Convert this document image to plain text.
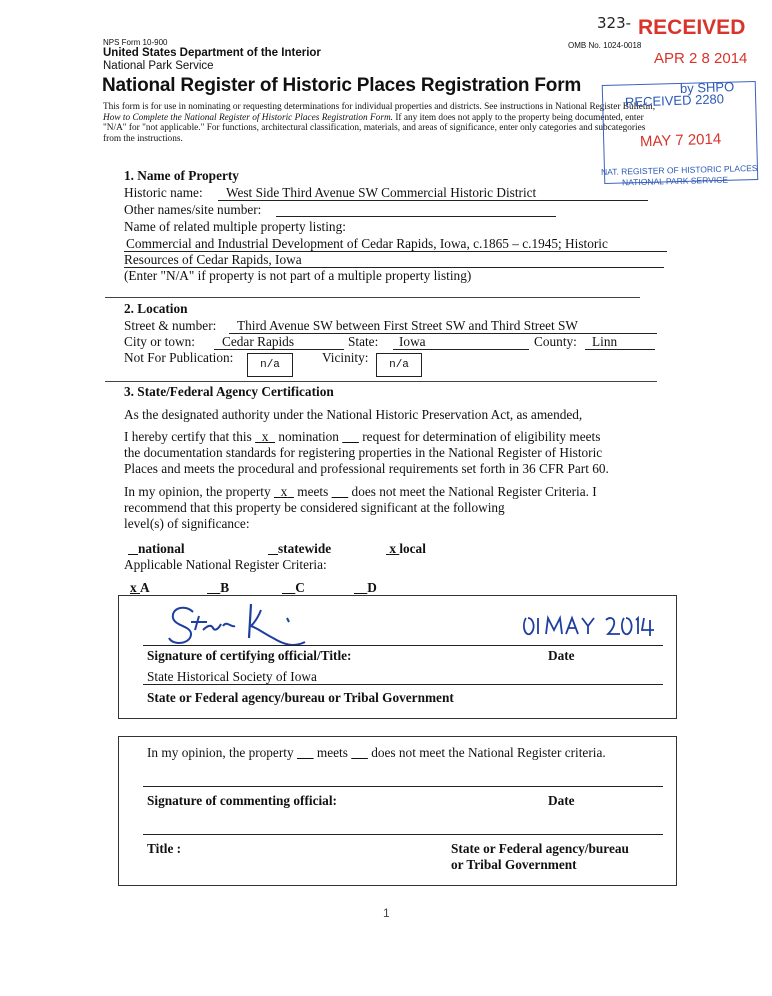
NPS Form 10-900
United States Department of the Interior
National Park Service
OMB No. 1024-0018
National Register of Historic Places Registration Form
This form is for use in nominating or requesting determinations for individual properties and districts. See instructions in National Register Bulletin, How to Complete the National Register of Historic Places Registration Form. If any item does not apply to the property being documented, enter "N/A" for "not applicable." For functions, architectural classification, materials, and areas of significance, enter only categories and subcategories from the instructions.
323- RECEIVED
APR 2 8 2014
by SHPO
RECEIVED 2280
MAY 7 2014
NAT. REGISTER OF HISTORIC PLACES
NATIONAL PARK SERVICE
1. Name of Property
Historic name: West Side Third Avenue SW Commercial Historic District
Other names/site number:
Name of related multiple property listing:
Commercial and Industrial Development of Cedar Rapids, Iowa, c.1865 – c.1945; Historic
Resources of Cedar Rapids, Iowa
(Enter "N/A" if property is not part of a multiple property listing)
2. Location
Street & number: Third Avenue SW between First Street SW and Third Street SW
City or town: Cedar Rapids	State: Iowa	County: Linn
Not For Publication:	n/a	Vicinity:	n/a
3. State/Federal Agency Certification
As the designated authority under the National Historic Preservation Act, as amended,
I hereby certify that this x nomination request for determination of eligibility meets
the documentation standards for registering properties in the National Register of Historic
Places and meets the procedural and professional requirements set forth in 36 CFR Part 60.
In my opinion, the property x meets does not meet the National Register Criteria. I
recommend that this property be considered significant at the following
level(s) of significance:
national	statewide	x local
Applicable National Register Criteria:
x A	B	C	D
Signature of certifying official/Title:	Date
State Historical Society of Iowa
State or Federal agency/bureau or Tribal Government
In my opinion, the property meets does not meet the National Register criteria.
Signature of commenting official:	Date
Title :	State or Federal agency/bureau
or Tribal Government
1
